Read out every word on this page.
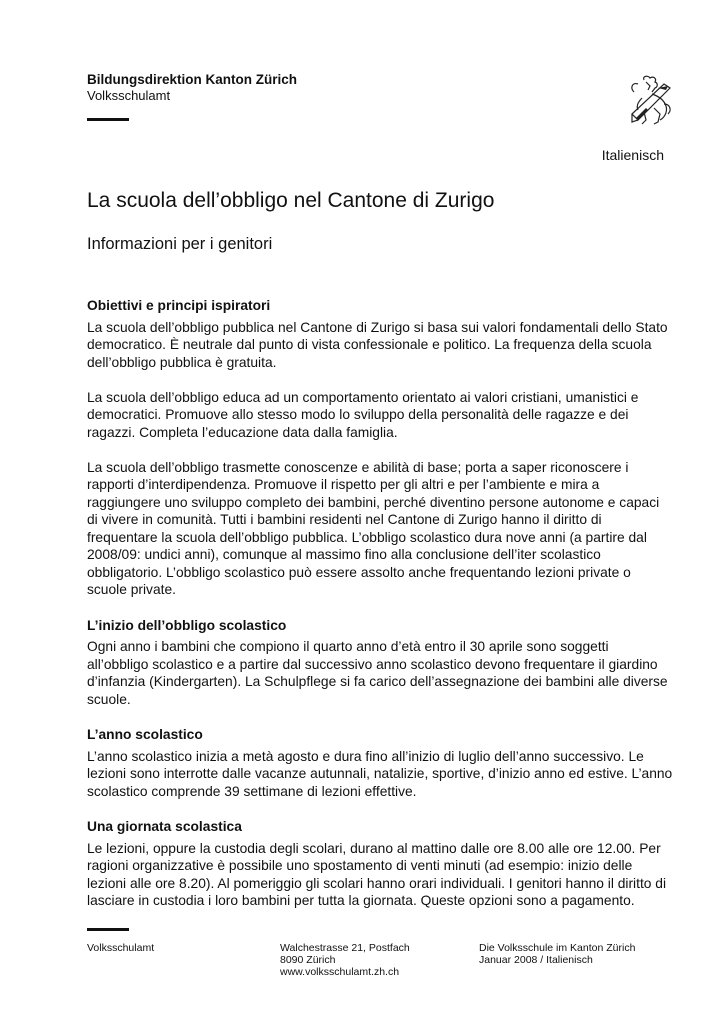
Bildungsdirektion Kanton Zürich
Volksschulamt
Italienisch
La scuola dell’obbligo nel Cantone di Zurigo
Informazioni per i genitori
Obiettivi e principi ispiratori

La scuola dell’obbligo pubblica nel Cantone di Zurigo si basa sui valori fondamentali dello Stato democratico. È neutrale dal punto di vista confessionale e politico. La frequenza della scuola dell’obbligo pubblica è gratuita.

La scuola dell’obbligo educa ad un comportamento orientato ai valori cristiani, umanistici e democratici. Promuove allo stesso modo lo sviluppo della personalità delle ragazze e dei ragazzi. Completa l’educazione data dalla famiglia.

La scuola dell’obbligo trasmette conoscenze e abilità di base; porta a saper riconoscere i rapporti d’interdipendenza. Promuove il rispetto per gli altri e per l’ambiente e mira a raggiungere uno sviluppo completo dei bambini, perché diventino persone autonome e capaci di vivere in comunità. Tutti i bambini residenti nel Cantone di Zurigo hanno il diritto di frequentare la scuola dell’obbligo pubblica. L’obbligo scolastico dura nove anni (a partire dal 2008/09: undici anni), comunque al massimo fino alla conclusione dell’iter scolastico obbligatorio. L’obbligo scolastico può essere assolto anche frequentando lezioni private o scuole private.

L’inizio dell’obbligo scolastico

Ogni anno i bambini che compiono il quarto anno d’età entro il 30 aprile sono soggetti all’obbligo scolastico e a partire dal successivo anno scolastico devono frequentare il giardino d’infanzia (Kindergarten). La Schulpflege si fa carico dell’assegnazione dei bambini alle diverse scuole.

L’anno scolastico

L’anno scolastico inizia a metà agosto e dura fino all’inizio di luglio dell’anno successivo. Le lezioni sono interrotte dalle vacanze autunnali, natalizie, sportive, d’inizio anno ed estive. L’anno scolastico comprende 39 settimane di lezioni effettive.

Una giornata scolastica

Le lezioni, oppure la custodia degli scolari, durano al mattino dalle ore 8.00 alle ore 12.00. Per ragioni organizzative è possibile uno spostamento di venti minuti (ad esempio: inizio delle lezioni alle ore 8.20). Al pomeriggio gli scolari hanno orari individuali. I genitori hanno il diritto di lasciare in custodia i loro bambini per tutta la giornata. Queste opzioni sono a pagamento.

Volksschulamt	Walchestrasse 21, Postfach
8090 Zürich
www.volksschulamt.zh.ch
Die Volksschule im Kanton Zürich
Januar 2008 / Italienisch
